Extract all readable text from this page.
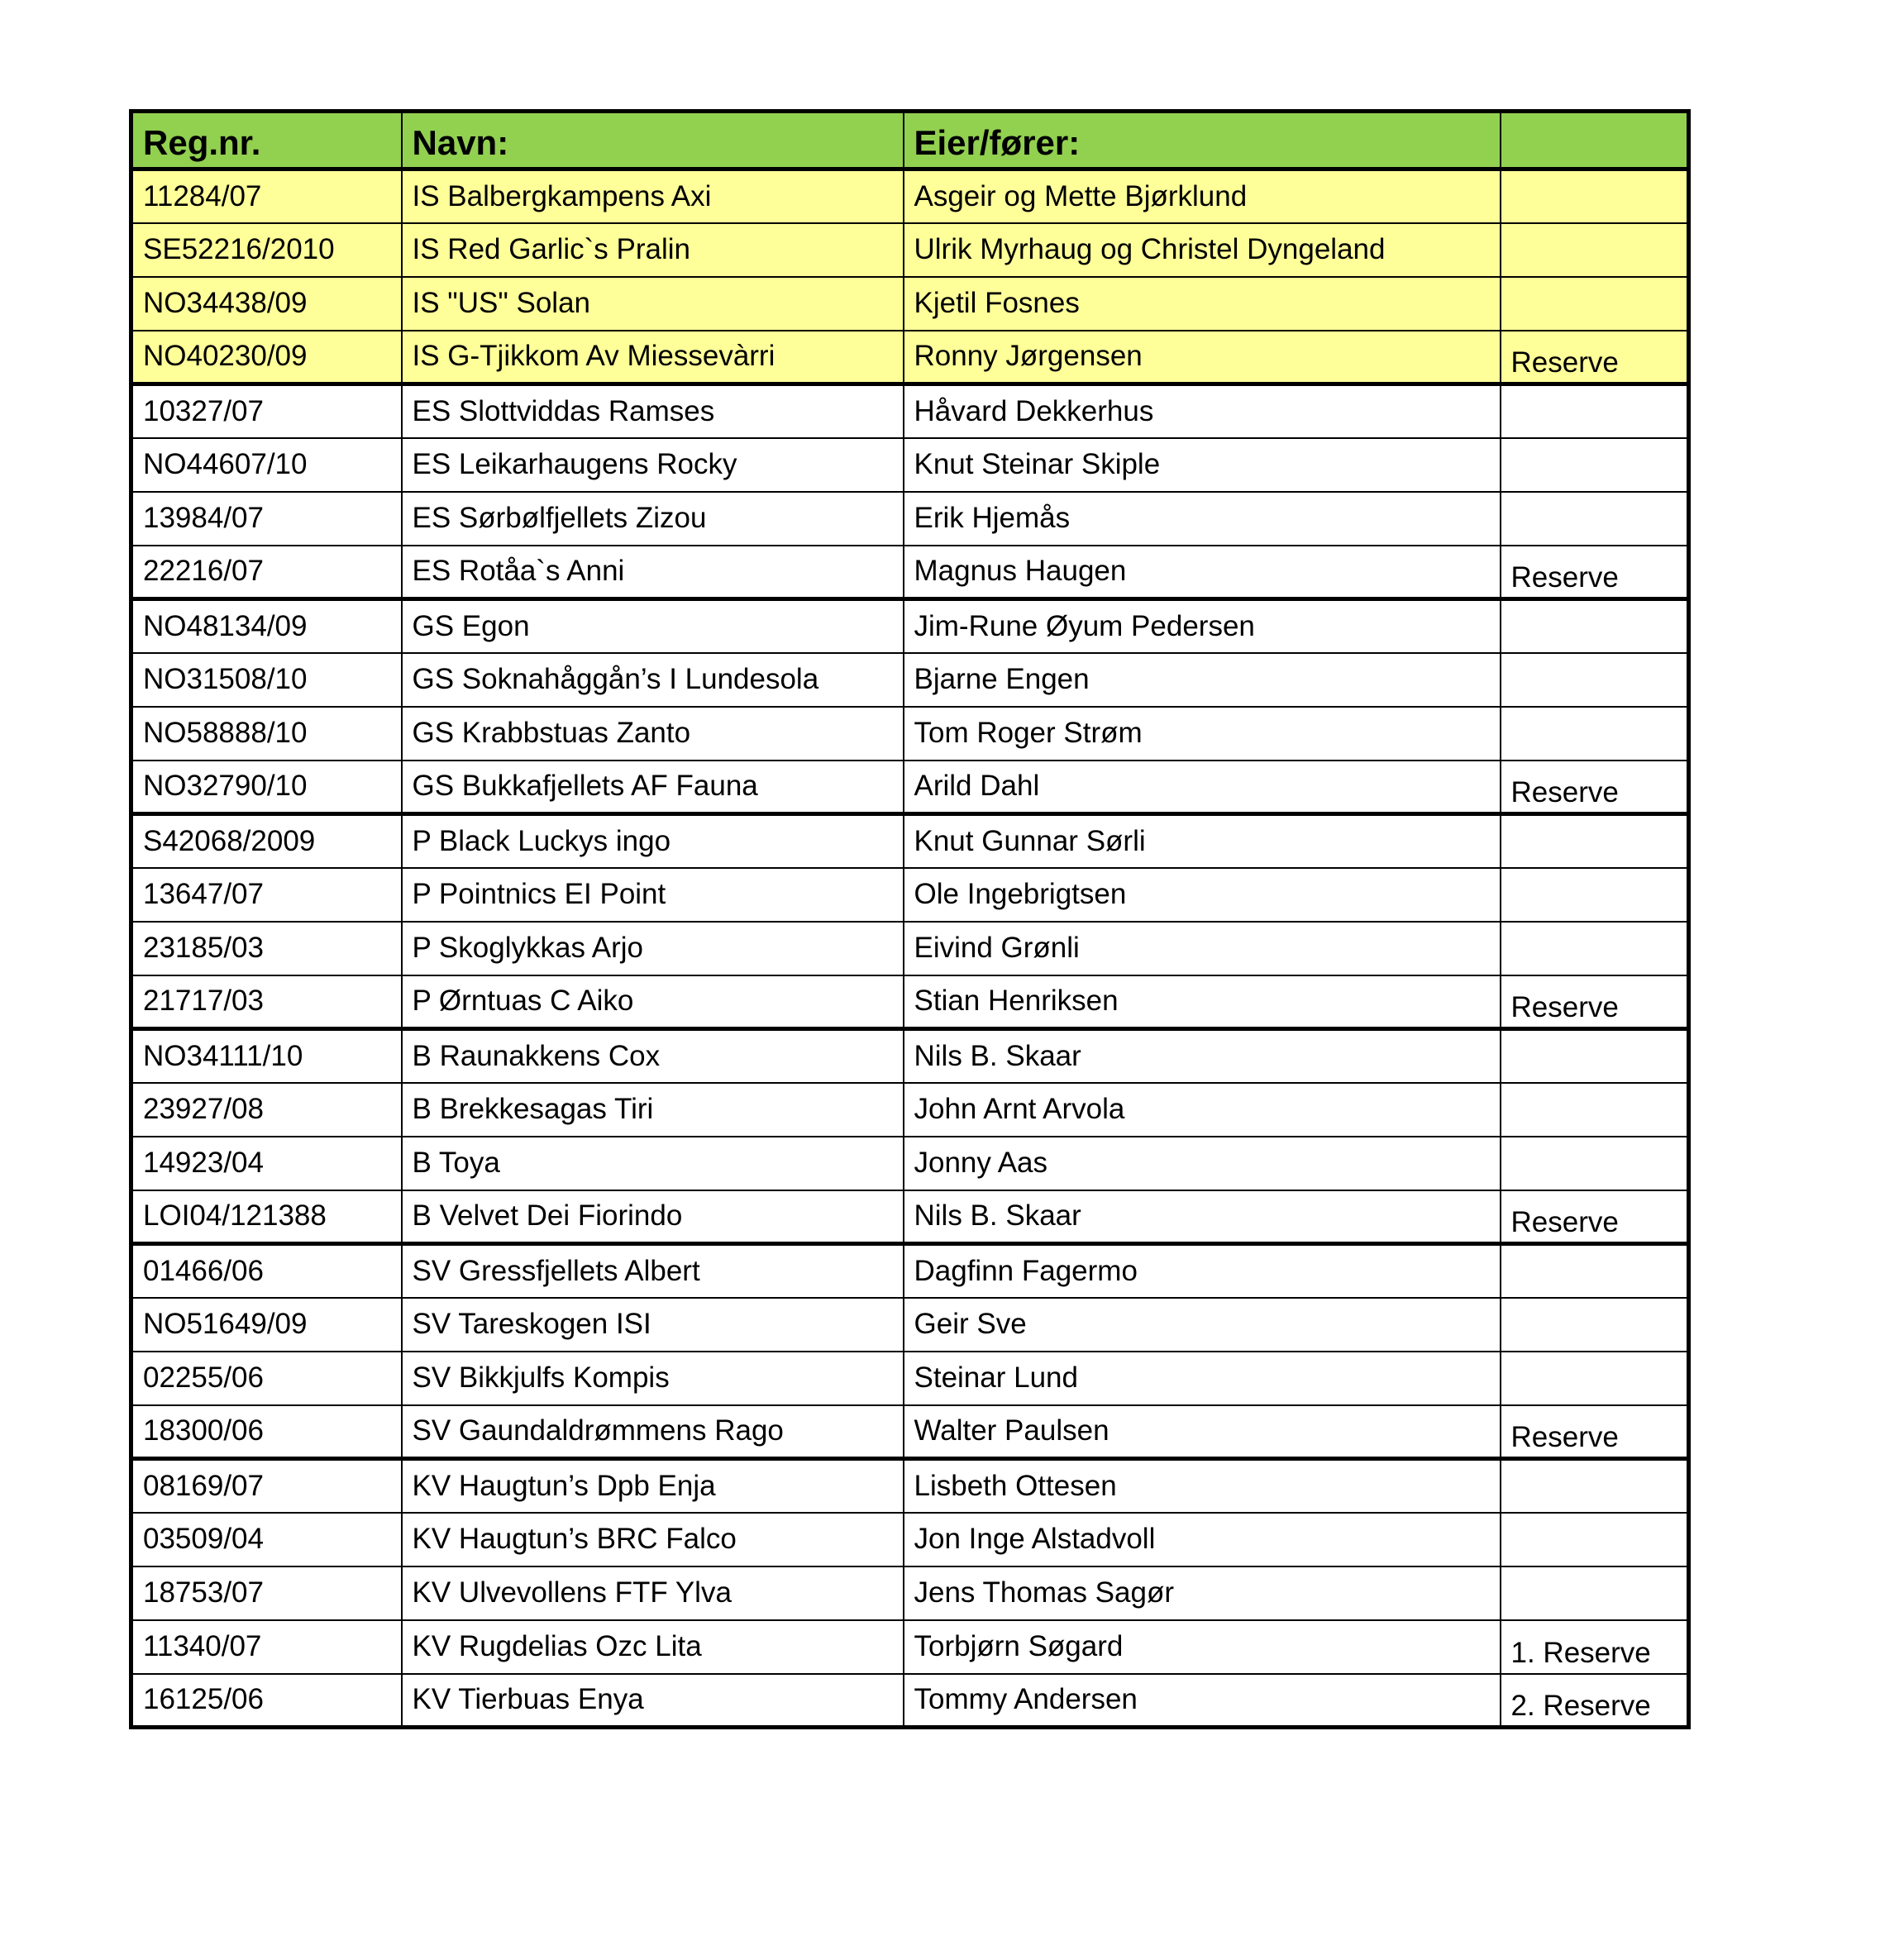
Reg.nr.	Navn:	Eier/fører:	
11284/07	IS Balbergkampens Axi	Asgeir og Mette Bjørklund	
SE52216/2010	IS Red Garlic`s Pralin	Ulrik Myrhaug og Christel Dyngeland	
NO34438/09	IS "US" Solan	Kjetil Fosnes	
NO40230/09	IS G-Tjikkom Av Miessevàrri	Ronny Jørgensen	Reserve
10327/07	ES Slottviddas Ramses	Håvard Dekkerhus	
NO44607/10	ES Leikarhaugens Rocky	Knut Steinar Skiple	
13984/07	ES Sørbølfjellets Zizou	Erik Hjemås	
22216/07	ES Rotåa`s Anni	Magnus Haugen	Reserve
NO48134/09	GS Egon	Jim-Rune Øyum Pedersen	
NO31508/10	GS Soknahåggån’s I Lundesola	Bjarne Engen	
NO58888/10	GS Krabbstuas Zanto	Tom Roger Strøm	
NO32790/10	GS Bukkafjellets AF Fauna	Arild Dahl	Reserve
S42068/2009	P Black Luckys ingo	Knut Gunnar Sørli	
13647/07	P Pointnics EI Point	Ole Ingebrigtsen	
23185/03	P Skoglykkas Arjo	Eivind Grønli	
21717/03	P Ørntuas C Aiko	Stian Henriksen	Reserve
NO34111/10	B Raunakkens Cox	Nils B. Skaar	
23927/08	B Brekkesagas Tiri	John Arnt Arvola	
14923/04	B Toya	Jonny Aas	
LOI04/121388	B Velvet Dei Fiorindo	Nils B. Skaar	Reserve
01466/06	SV Gressfjellets Albert	Dagfinn Fagermo	
NO51649/09	SV Tareskogen ISI	Geir Sve	
02255/06	SV Bikkjulfs Kompis	Steinar Lund	
18300/06	SV Gaundaldrømmens Rago	Walter Paulsen	Reserve
08169/07	KV Haugtun’s Dpb Enja	Lisbeth Ottesen	
03509/04	KV Haugtun’s BRC Falco	Jon Inge Alstadvoll	
18753/07	KV Ulvevollens FTF Ylva	Jens Thomas Sagør	
11340/07	KV Rugdelias Ozc Lita	Torbjørn Søgard	1. Reserve
16125/06	KV Tierbuas Enya	Tommy Andersen	2. Reserve
